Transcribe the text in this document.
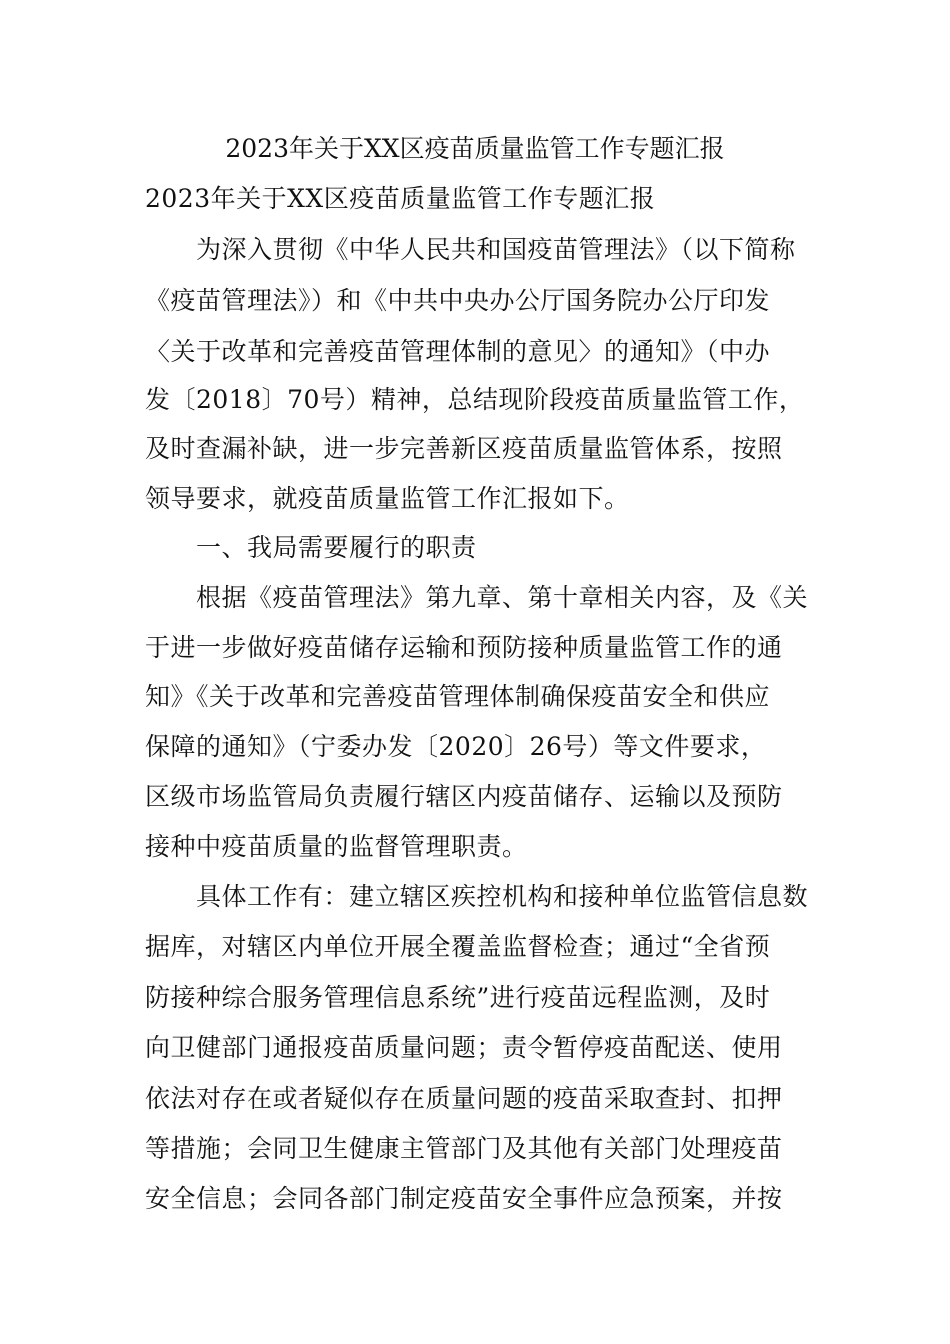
2023年关于XX区疫苗质量监管工作专题汇报
2023年关于XX区疫苗质量监管工作专题汇报
　　为深入贯彻《中华人民共和国疫苗管理法》（以下简称
《疫苗管理法》）和《中共中央办公厅国务院办公厅印发
〈关于改革和完善疫苗管理体制的意见〉的通知》（中办
发〔2018〕70号）精神，总结现阶段疫苗质量监管工作，
及时查漏补缺，进一步完善新区疫苗质量监管体系，按照
领导要求，就疫苗质量监管工作汇报如下。
　　一、我局需要履行的职责
　　根据《疫苗管理法》第九章、第十章相关内容，及《关
于进一步做好疫苗储存运输和预防接种质量监管工作的通
知》《关于改革和完善疫苗管理体制确保疫苗安全和供应
保障的通知》（宁委办发〔2020〕26号）等文件要求，
区级市场监管局负责履行辖区内疫苗储存、运输以及预防
接种中疫苗质量的监督管理职责。
　　具体工作有：建立辖区疾控机构和接种单位监管信息数
据库，对辖区内单位开展全覆盖监督检查；通过“全省预
防接种综合服务管理信息系统”进行疫苗远程监测，及时
向卫健部门通报疫苗质量问题；责令暂停疫苗配送、使用
依法对存在或者疑似存在质量问题的疫苗采取查封、扣押
等措施；会同卫生健康主管部门及其他有关部门处理疫苗
安全信息；会同各部门制定疫苗安全事件应急预案，并按
